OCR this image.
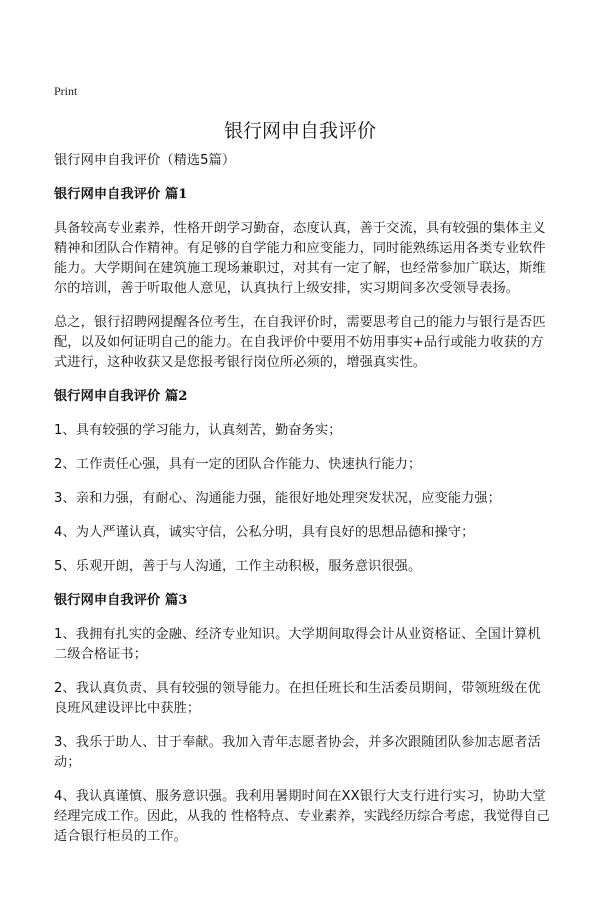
Print
银行网申自我评价
银行网申自我评价（精选5篇）
银行网申自我评价 篇1
具备较高专业素养，性格开朗学习勤奋，态度认真，善于交流，具有较强的集体主义精神和团队合作精神。有足够的自学能力和应变能力，同时能熟练运用各类专业软件能力。大学期间在建筑施工现场兼职过，对其有一定了解，也经常参加广联达，斯维尔的培训，善于听取他人意见，认真执行上级安排，实习期间多次受领导表扬。
总之，银行招聘网提醒各位考生，在自我评价时，需要思考自己的能力与银行是否匹配，以及如何证明自己的能力。在自我评价中要用不妨用事实+品行或能力收获的方式进行，这种收获又是您报考银行岗位所必须的，增强真实性。
银行网申自我评价 篇2
1、具有较强的学习能力，认真刻苦，勤奋务实；
2、工作责任心强，具有一定的团队合作能力、快速执行能力；
3、亲和力强，有耐心、沟通能力强，能很好地处理突发状况，应变能力强；
4、为人严谨认真，诚实守信，公私分明，具有良好的思想品德和操守；
5、乐观开朗，善于与人沟通，工作主动积极，服务意识很强。
银行网申自我评价 篇3
1、我拥有扎实的金融、经济专业知识。大学期间取得会计从业资格证、全国计算机二级合格证书；
2、我认真负责、具有较强的领导能力。在担任班长和生活委员期间，带领班级在优良班风建设评比中获胜；
3、我乐于助人、甘于奉献。我加入青年志愿者协会，并多次跟随团队参加志愿者活动；
4、我认真谨慎、服务意识强。我利用暑期时间在XX银行大支行进行实习，协助大堂经理完成工作。因此，从我的 性格特点、专业素养，实践经历综合考虑，我觉得自己适合银行柜员的工作。
